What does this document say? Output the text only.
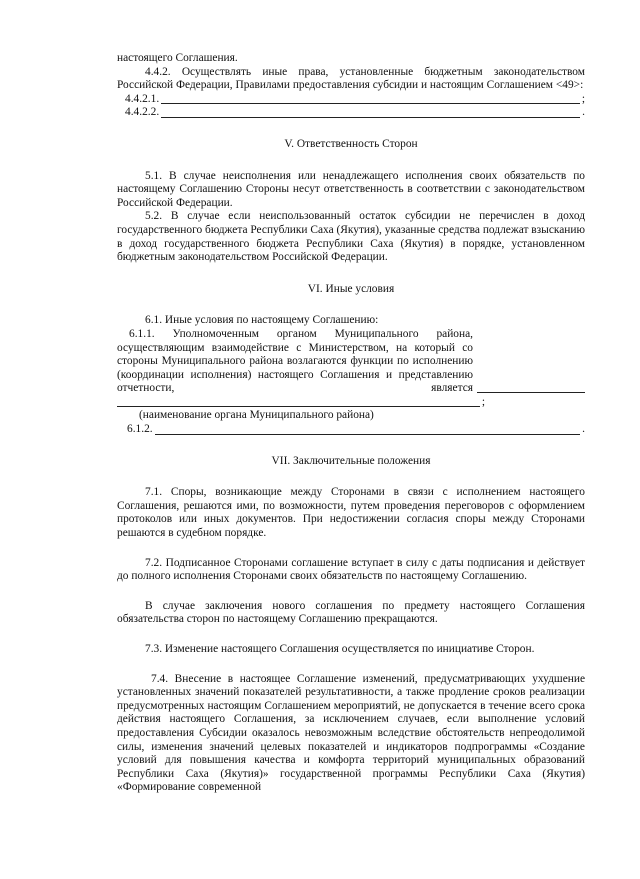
настоящего Соглашения.

4.4.2. Осуществлять иные права, установленные бюджетным законодательством Российской Федерации, Правилами предоставления субсидии и настоящим Соглашением <49>:

4.4.2.1.	;
4.4.2.2.	.

V. Ответственность Сторон

5.1. В случае неисполнения или ненадлежащего исполнения своих обязательств по настоящему Соглашению Стороны несут ответственность в соответствии с законодательством Российской Федерации.

5.2. В случае если неиспользованный остаток субсидии не перечислен в доход государственного бюджета Республики Саха (Якутия), указанные средства подлежат взысканию в доход государственного бюджета Республики Саха (Якутия) в порядке, установленном бюджетным законодательством Российской Федерации.

VI. Иные условия

6.1. Иные условия по настоящему Соглашению:

6.1.1. Уполномоченным органом Муниципального района, осуществляющим взаимодействие с Министерством, на который со стороны Муниципального района возлагаются функции по исполнению (координации исполнения) настоящего Соглашения и представлению отчетности, является

;

(наименование органа Муниципального района)

6.1.2.	.

VII. Заключительные положения

7.1. Споры, возникающие между Сторонами в связи с исполнением настоящего Соглашения, решаются ими, по возможности, путем проведения переговоров с оформлением протоколов или иных документов. При недостижении согласия споры между Сторонами решаются в судебном порядке.

7.2. Подписанное Сторонами соглашение вступает в силу с даты подписания и действует до полного исполнения Сторонами своих обязательств по настоящему Соглашению.

В случае заключения нового соглашения по предмету настоящего Соглашения обязательства сторон по настоящему Соглашению прекращаются.

7.3. Изменение настоящего Соглашения осуществляется по инициативе Сторон.

7.4. Внесение в настоящее Соглашение изменений, предусматривающих ухудшение установленных значений показателей результативности, а также продление сроков реализации предусмотренных настоящим Соглашением мероприятий, не допускается в течение всего срока действия настоящего Соглашения, за исключением случаев, если выполнение условий предоставления Субсидии оказалось невозможным вследствие обстоятельств непреодолимой силы, изменения значений целевых показателей и индикаторов подпрограммы «Создание условий для повышения качества и комфорта территорий муниципальных образований Республики Саха (Якутия)» государственной программы Республики Саха (Якутия) «Формирование современной
